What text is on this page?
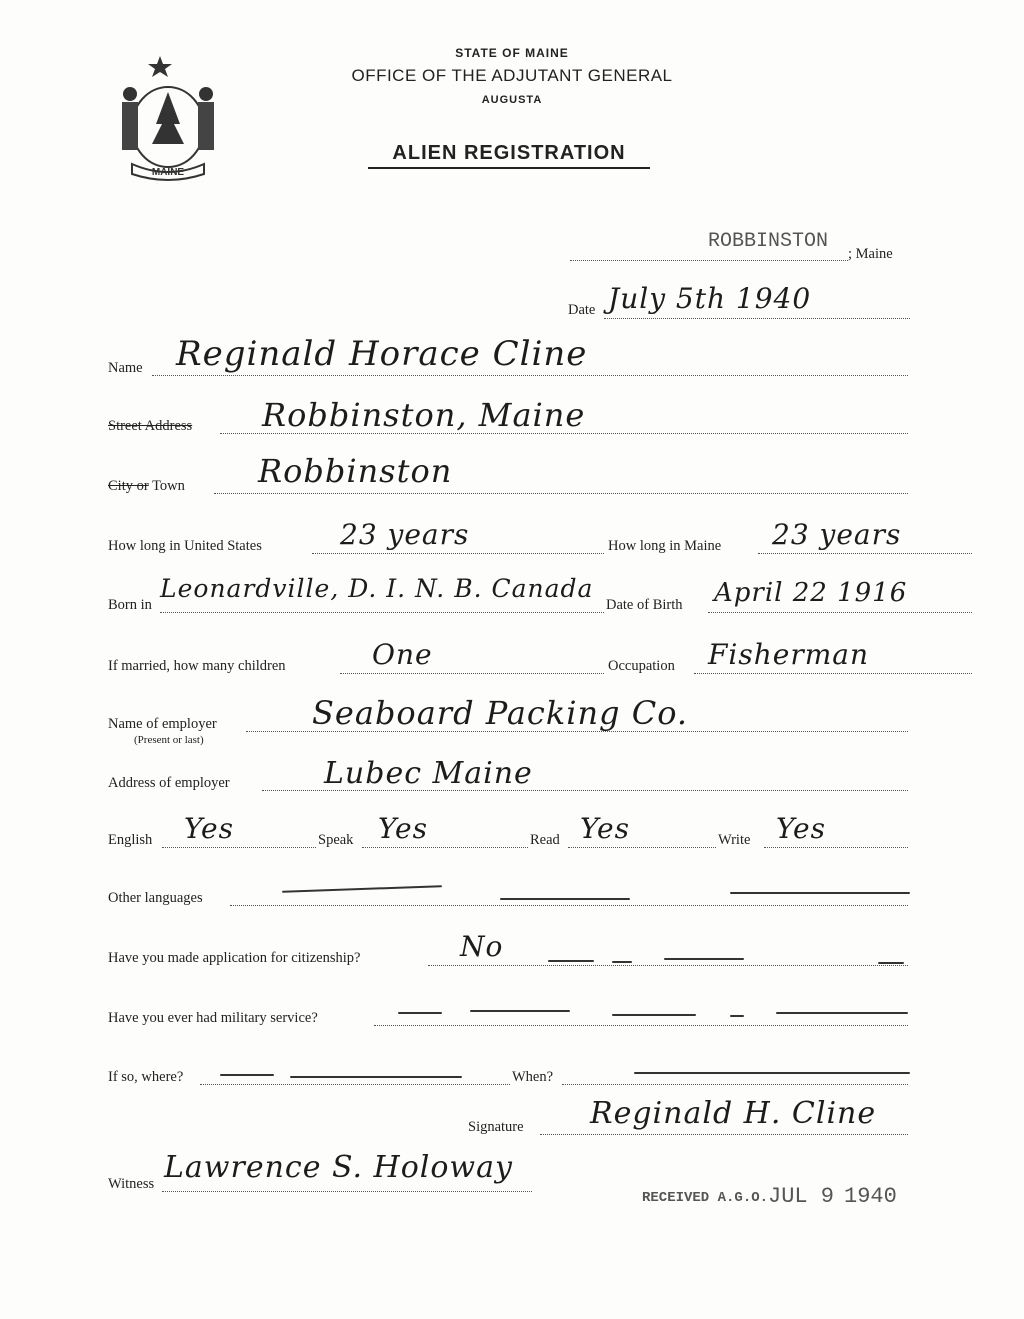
MAINE
STATE OF MAINE
OFFICE OF THE ADJUTANT GENERAL
AUGUSTA
ALIEN REGISTRATION
ROBBINSTON
; Maine
Date July 5th 1940
Name Reginald Horace Cline
Street Address Robbinston, Maine
City or Town Robbinston
How long in United States	23 years	How long in Maine 23 years
Born in
Leonardville, D. I. N. B. Canada
Date of Birth April 22 1916
If married, how many children	One	Occupation Fisherman
Name of employer
(Present or last)
Seaboard Packing Co.
Address of employer	Lubec Maine
English Yes	Speak Yes	Read Yes	Write Yes
Other languages
Have you made application for citizenship?	No
Have you ever had military service?
If so, where?	When?
Signature Reginald H. Cline
Witness Lawrence S. Holoway
RECEIVED A.G.O. JUL 9 1940
